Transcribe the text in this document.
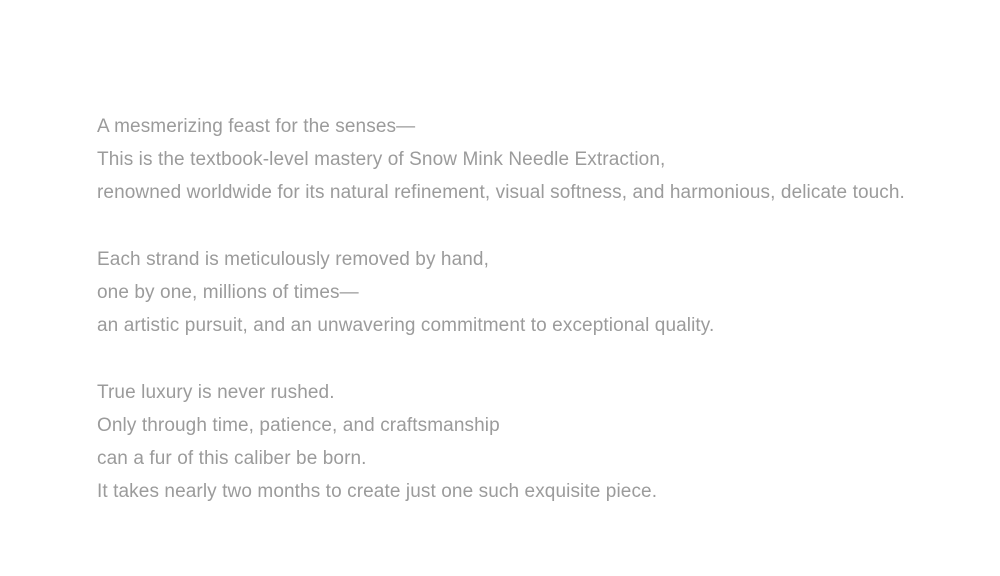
A mesmerizing feast for the senses—
This is the textbook-level mastery of Snow Mink Needle Extraction,
renowned worldwide for its natural refinement, visual softness, and harmonious, delicate touch.

Each strand is meticulously removed by hand,
one by one, millions of times—
an artistic pursuit, and an unwavering commitment to exceptional quality.

True luxury is never rushed.
Only through time, patience, and craftsmanship
can a fur of this caliber be born.
It takes nearly two months to create just one such exquisite piece.
